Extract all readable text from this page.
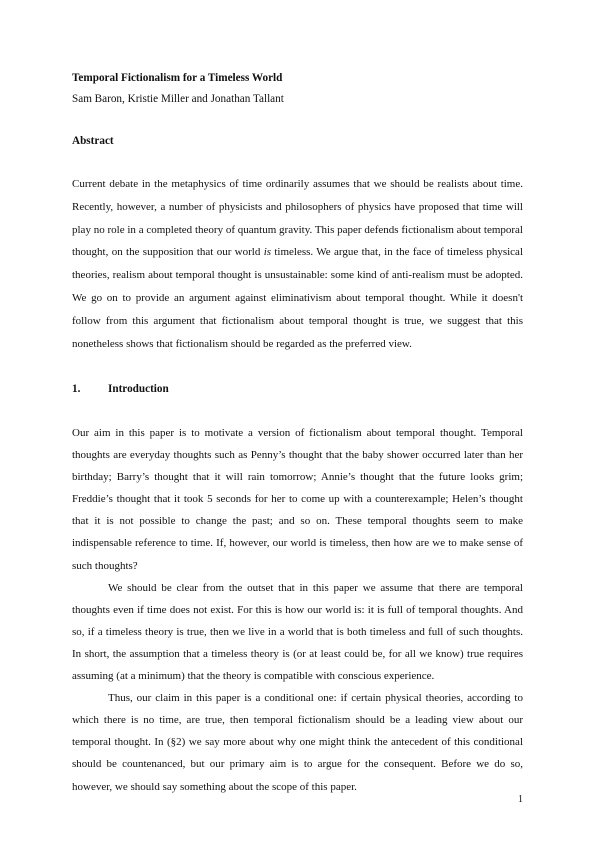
Temporal Fictionalism for a Timeless World

Sam Baron, Kristie Miller and Jonathan Tallant

Abstract

Current debate in the metaphysics of time ordinarily assumes that we should be realists about time. Recently, however, a number of physicists and philosophers of physics have proposed that time will play no role in a completed theory of quantum gravity. This paper defends fictionalism about temporal thought, on the supposition that our world is timeless. We argue that, in the face of timeless physical theories, realism about temporal thought is unsustainable: some kind of anti-realism must be adopted. We go on to provide an argument against eliminativism about temporal thought. While it doesn't follow from this argument that fictionalism about temporal thought is true, we suggest that this nonetheless shows that fictionalism should be regarded as the preferred view.

1. Introduction

Our aim in this paper is to motivate a version of fictionalism about temporal thought. Temporal thoughts are everyday thoughts such as Penny’s thought that the baby shower occurred later than her birthday; Barry’s thought that it will rain tomorrow; Annie’s thought that the future looks grim; Freddie’s thought that it took 5 seconds for her to come up with a counterexample; Helen’s thought that it is not possible to change the past; and so on. These temporal thoughts seem to make indispensable reference to time. If, however, our world is timeless, then how are we to make sense of such thoughts?

We should be clear from the outset that in this paper we assume that there are temporal thoughts even if time does not exist. For this is how our world is: it is full of temporal thoughts. And so, if a timeless theory is true, then we live in a world that is both timeless and full of such thoughts. In short, the assumption that a timeless theory is (or at least could be, for all we know) true requires assuming (at a minimum) that the theory is compatible with conscious experience.

Thus, our claim in this paper is a conditional one: if certain physical theories, according to which there is no time, are true, then temporal fictionalism should be a leading view about our temporal thought. In (§2) we say more about why one might think the antecedent of this conditional should be countenanced, but our primary aim is to argue for the consequent. Before we do so, however, we should say something about the scope of this paper.

1
